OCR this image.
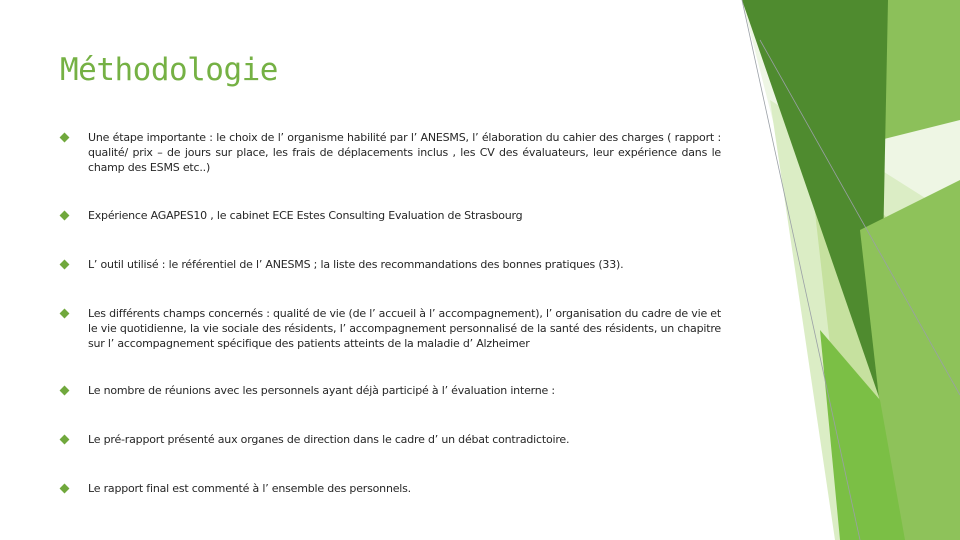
Méthodologie
Une étape importante : le choix de l’ organisme habilité par l’ ANESMS, l’ élaboration du cahier des charges ( rapport : qualité/ prix – de jours sur place, les frais de déplacements inclus , les CV des évaluateurs, leur expérience dans le champ des ESMS etc..)
Expérience AGAPES10 , le cabinet ECE Estes Consulting Evaluation de Strasbourg
L’ outil utilisé : le référentiel de l’ ANESMS ; la liste des recommandations des bonnes pratiques (33).
Les différents champs concernés : qualité de vie (de l’ accueil à l’ accompagnement), l’ organisation du cadre de vie et le vie quotidienne, la vie sociale des résidents, l’ accompagnement personnalisé de la santé des résidents, un chapitre sur l’ accompagnement spécifique des patients atteints de la maladie d’ Alzheimer
Le nombre de réunions avec les personnels ayant déjà participé à l’ évaluation interne :
Le pré-rapport présenté aux organes de direction dans le cadre d’ un débat contradictoire.
Le rapport final est commenté à l’ ensemble des personnels.
